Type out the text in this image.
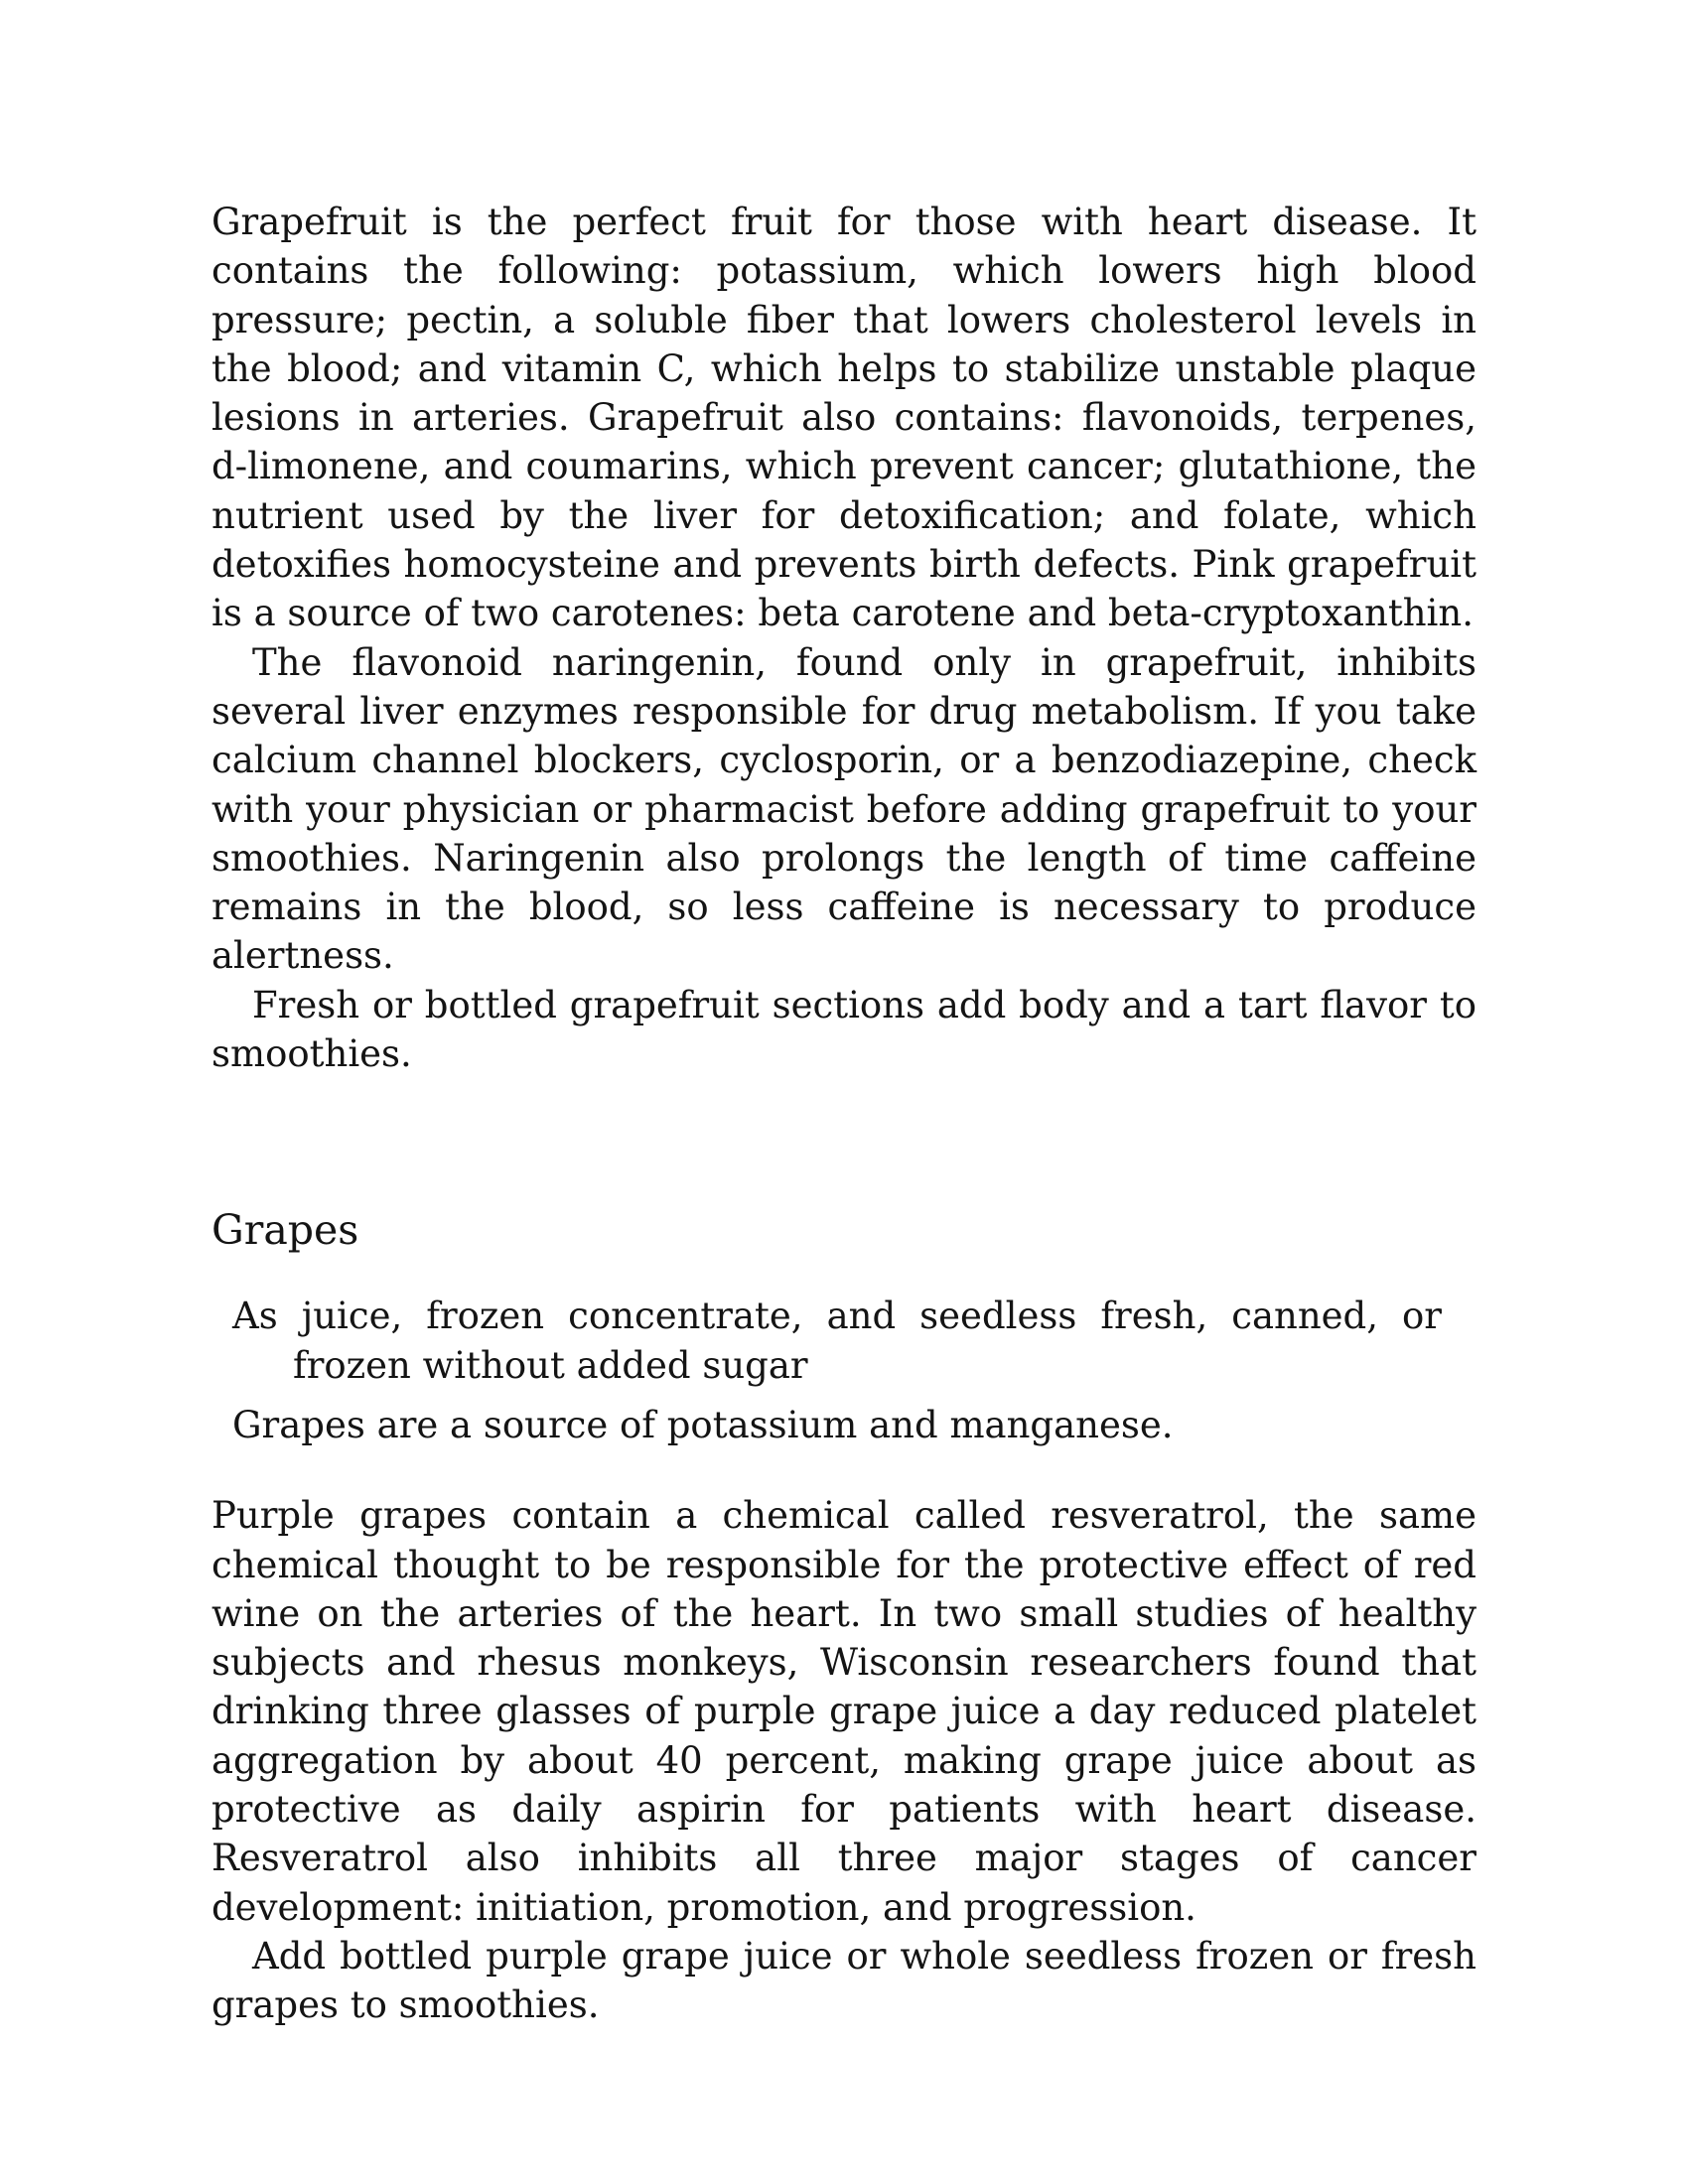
Grapefruit is the perfect fruit for those with heart disease. It contains the following: potassium, which lowers high blood pressure; pectin, a soluble fiber that lowers cholesterol levels in the blood; and vitamin C, which helps to stabilize unstable plaque lesions in arteries. Grapefruit also contains: flavonoids, terpenes, d-limonene, and coumarins, which prevent cancer; glutathione, the nutrient used by the liver for detoxification; and folate, which detoxifies homocysteine and prevents birth defects. Pink grapefruit is a source of two carotenes: beta carotene and beta-cryptoxanthin.

The flavonoid naringenin, found only in grapefruit, inhibits several liver enzymes responsible for drug metabolism. If you take calcium channel blockers, cyclosporin, or a benzodiazepine, check with your physician or pharmacist before adding grapefruit to your smoothies. Naringenin also prolongs the length of time caffeine remains in the blood, so less caffeine is necessary to produce alertness.

Fresh or bottled grapefruit sections add body and a tart flavor to smoothies.

Grapes

As juice, frozen concentrate, and seedless fresh, canned, or frozen without added sugar

Grapes are a source of potassium and manganese.

Purple grapes contain a chemical called resveratrol, the same chemical thought to be responsible for the protective effect of red wine on the arteries of the heart. In two small studies of healthy subjects and rhesus monkeys, Wisconsin researchers found that drinking three glasses of purple grape juice a day reduced platelet aggregation by about 40 percent, making grape juice about as protective as daily aspirin for patients with heart disease. Resveratrol also inhibits all three major stages of cancer development: initiation, promotion, and progression.

Add bottled purple grape juice or whole seedless frozen or fresh grapes to smoothies.
